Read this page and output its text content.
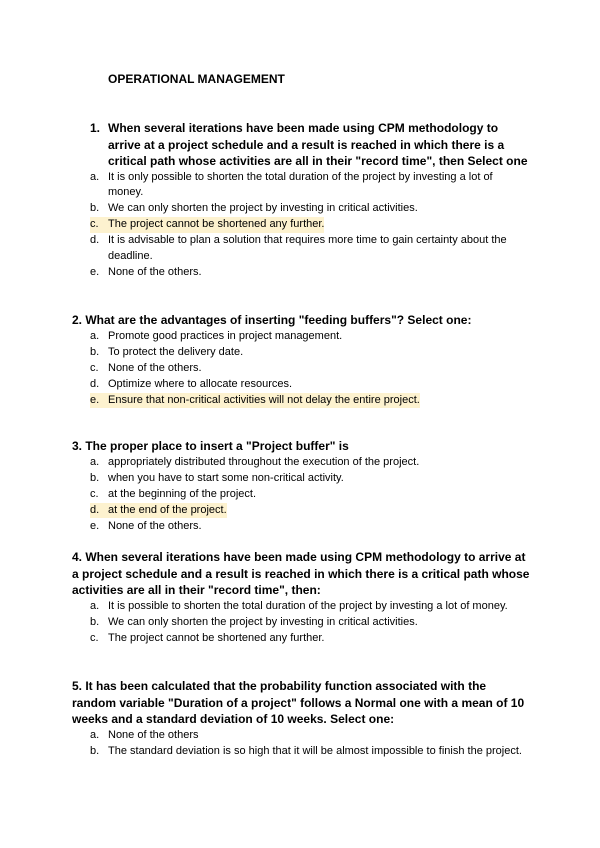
OPERATIONAL MANAGEMENT
1. When several iterations have been made using CPM methodology to arrive at a project schedule and a result is reached in which there is a critical path whose activities are all in their "record time", then Select one
a. It is only possible to shorten the total duration of the project by investing a lot of money.
b. We can only shorten the project by investing in critical activities.
c. The project cannot be shortened any further.
d. It is advisable to plan a solution that requires more time to gain certainty about the deadline.
e. None of the others.
2. What are the advantages of inserting "feeding buffers"? Select one:
a. Promote good practices in project management.
b. To protect the delivery date.
c. None of the others.
d. Optimize where to allocate resources.
e. Ensure that non-critical activities will not delay the entire project.
3. The proper place to insert a "Project buffer" is
a. appropriately distributed throughout the execution of the project.
b. when you have to start some non-critical activity.
c. at the beginning of the project.
d. at the end of the project.
e. None of the others.
4. When several iterations have been made using CPM methodology to arrive at a project schedule and a result is reached in which there is a critical path whose activities are all in their "record time", then:
a. It is possible to shorten the total duration of the project by investing a lot of money.
b. We can only shorten the project by investing in critical activities.
c. The project cannot be shortened any further.
5. It has been calculated that the probability function associated with the random variable "Duration of a project" follows a Normal one with a mean of 10 weeks and a standard deviation of 10 weeks. Select one:
a. None of the others
b. The standard deviation is so high that it will be almost impossible to finish the project.
